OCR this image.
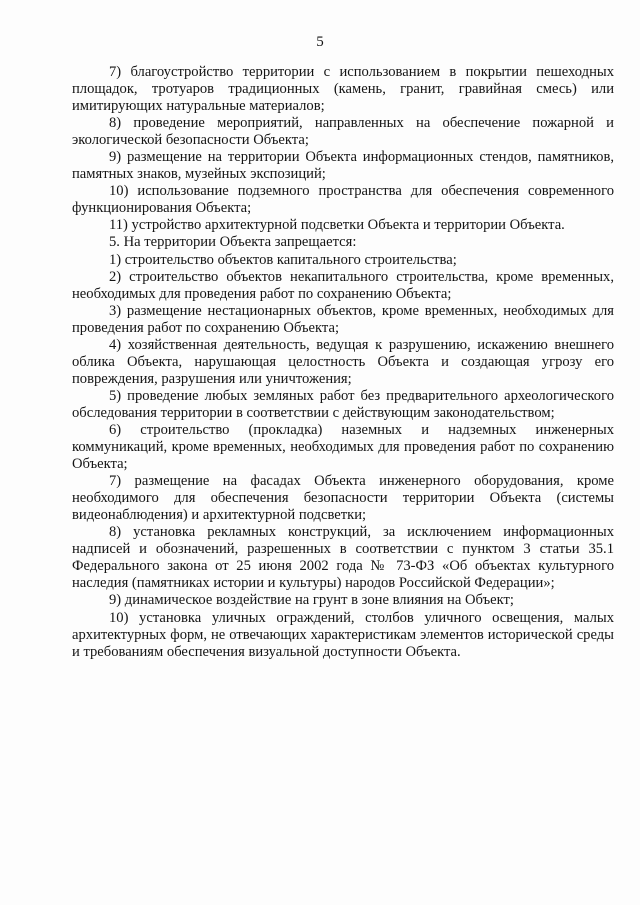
5

7) благоустройство территории с использованием в покрытии пешеходных площадок, тротуаров традиционных (камень, гранит, гравийная смесь) или имитирующих натуральные материалов;

8) проведение мероприятий, направленных на обеспечение пожарной и экологической безопасности Объекта;

9) размещение на территории Объекта информационных стендов, памятников, памятных знаков, музейных экспозиций;

10) использование подземного пространства для обеспечения современного функционирования Объекта;

11) устройство архитектурной подсветки Объекта и территории Объекта.

5. На территории Объекта запрещается:

1) строительство объектов капитального строительства;

2) строительство объектов некапитального строительства, кроме временных, необходимых для проведения работ по сохранению Объекта;

3) размещение нестационарных объектов, кроме временных, необходимых для проведения работ по сохранению Объекта;

4) хозяйственная деятельность, ведущая к разрушению, искажению внешнего облика Объекта, нарушающая целостность Объекта и создающая угрозу его повреждения, разрушения или уничтожения;

5) проведение любых земляных работ без предварительного археологического обследования территории в соответствии с действующим законодательством;

6) строительство (прокладка) наземных и надземных инженерных коммуникаций, кроме временных, необходимых для проведения работ по сохранению Объекта;

7) размещение на фасадах Объекта инженерного оборудования, кроме необходимого для обеспечения безопасности территории Объекта (системы видеонаблюдения) и архитектурной подсветки;

8) установка рекламных конструкций, за исключением информационных надписей и обозначений, разрешенных в соответствии с пунктом 3 статьи 35.1 Федерального закона от 25 июня 2002 года № 73-ФЗ «Об объектах культурного наследия (памятниках истории и культуры) народов Российской Федерации»;

9) динамическое воздействие на грунт в зоне влияния на Объект;

10) установка уличных ограждений, столбов уличного освещения, малых архитектурных форм, не отвечающих характеристикам элементов исторической среды и требованиям обеспечения визуальной доступности Объекта.
